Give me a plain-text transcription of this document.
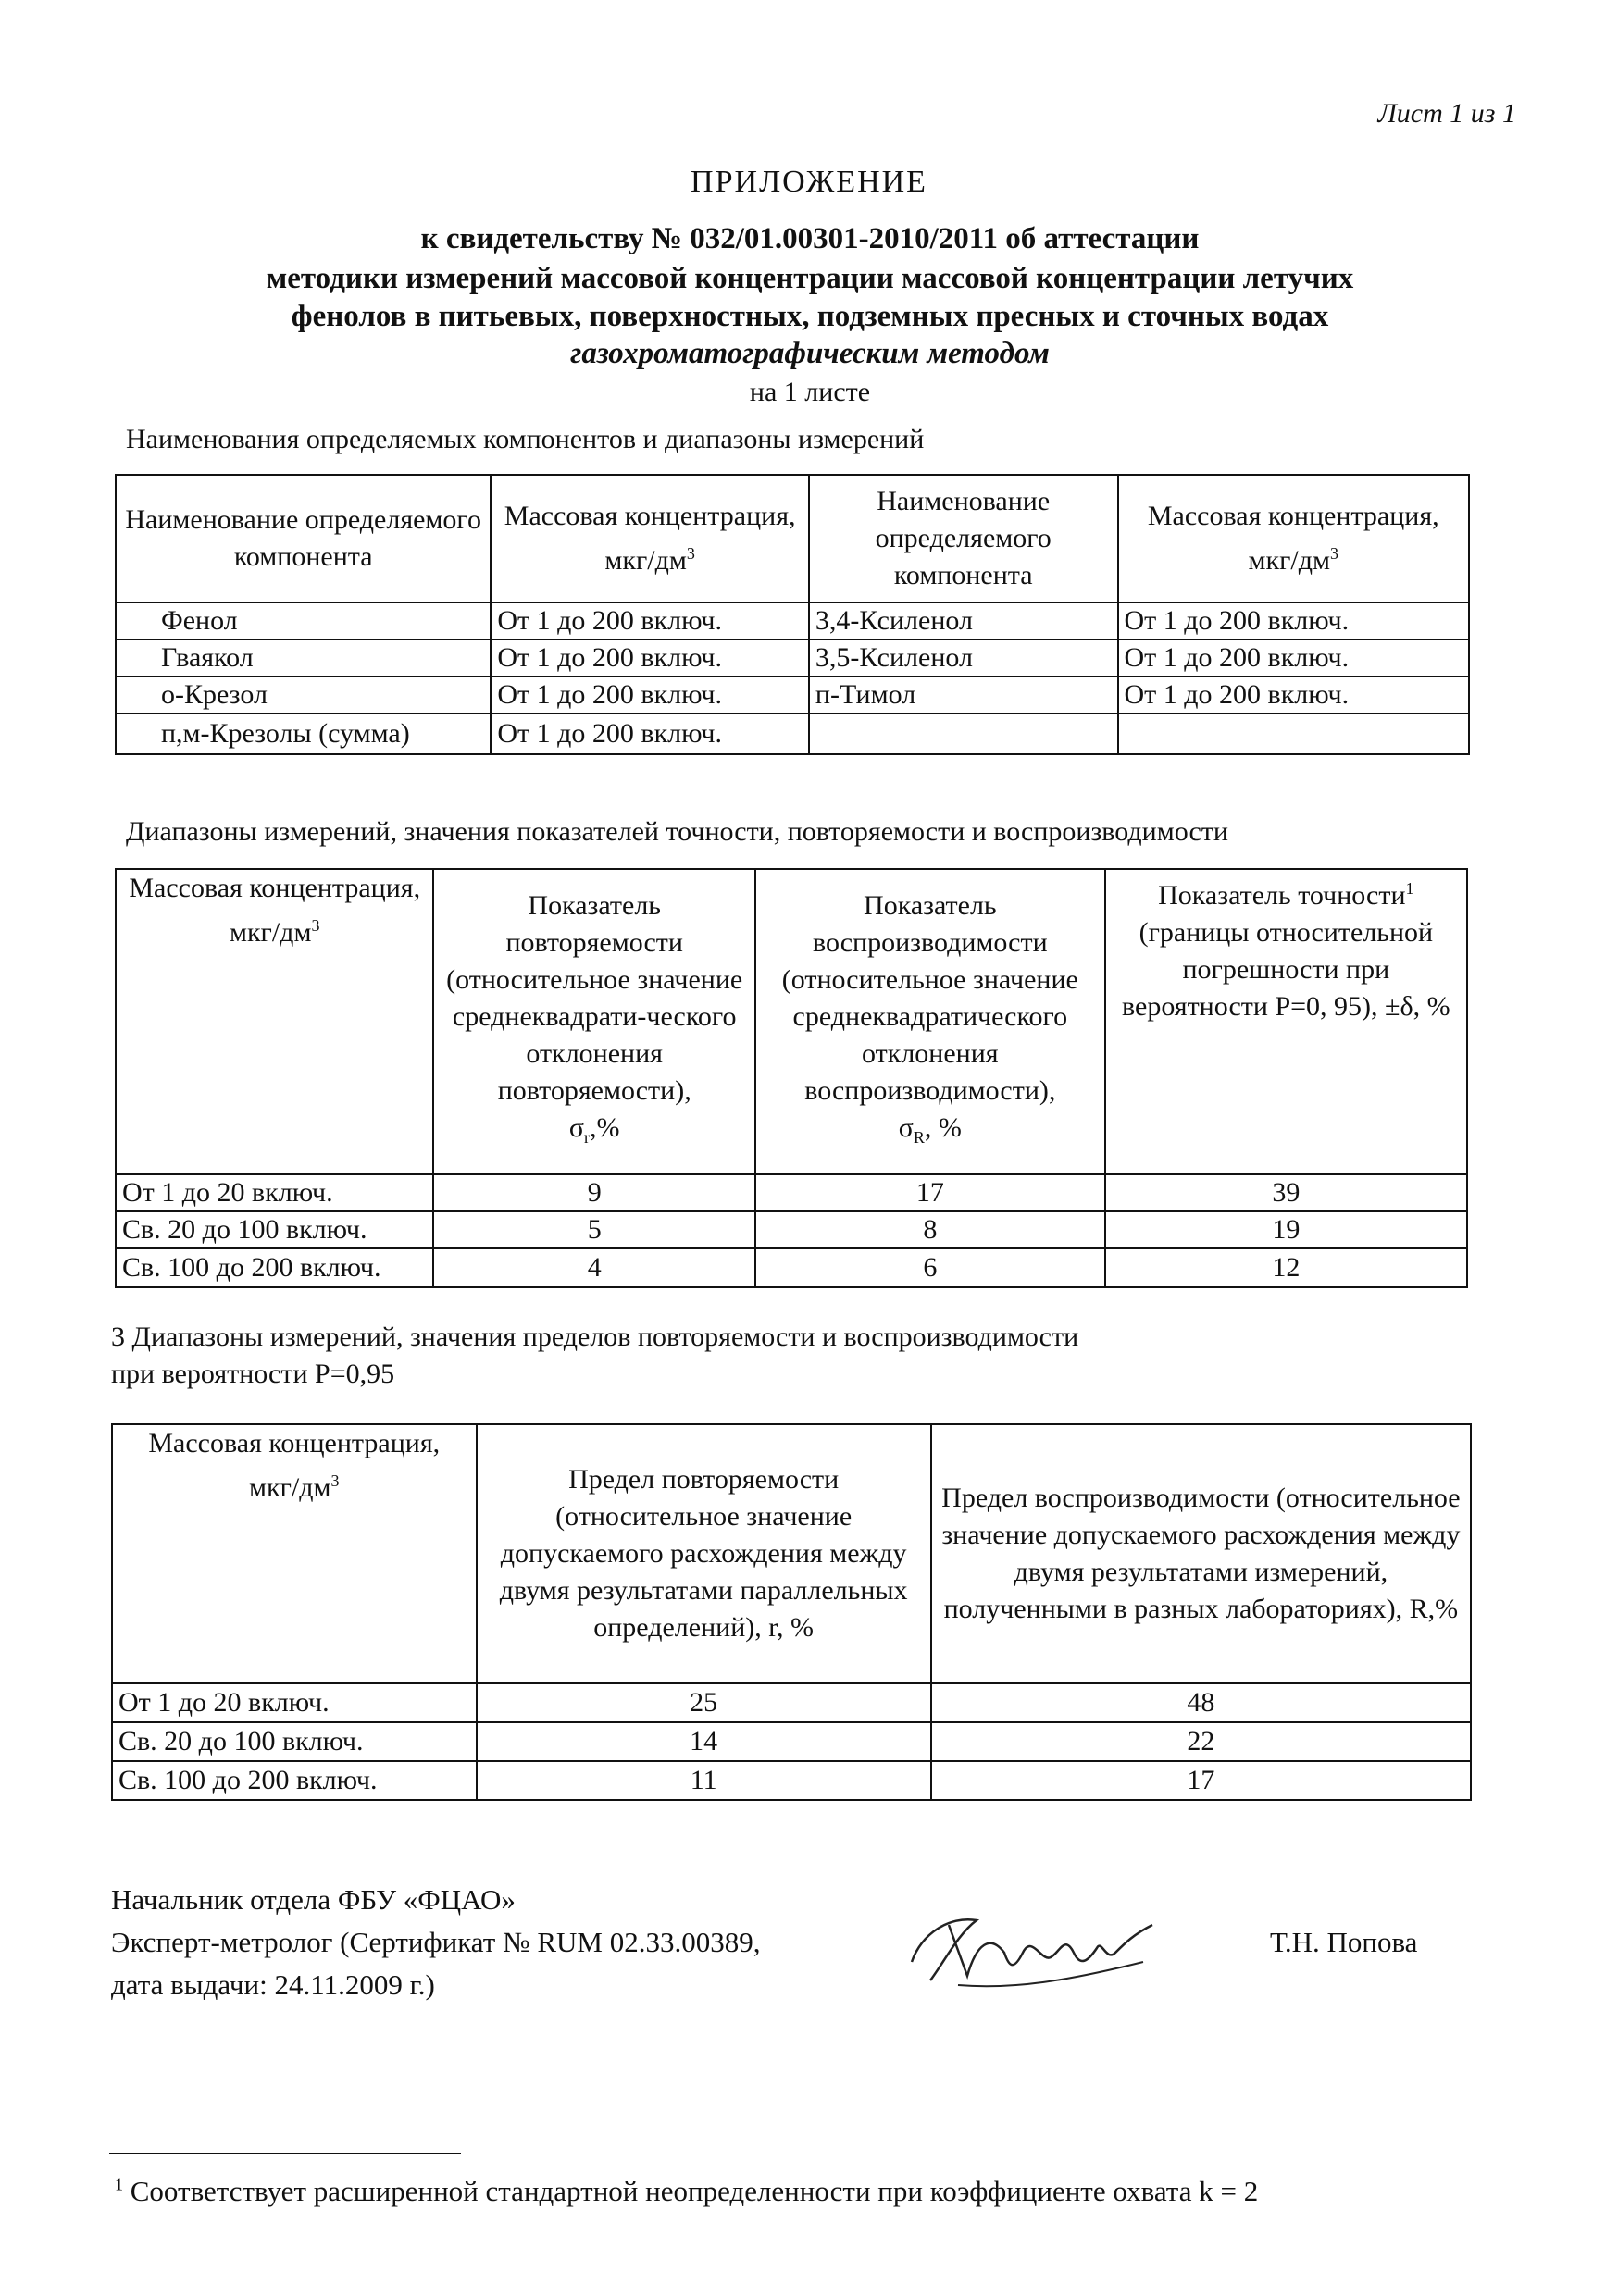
Лист 1 из 1
ПРИЛОЖЕНИЕ
к свидетельству № 032/01.00301-2010/2011 об аттестации
методики измерений массовой концентрации массовой концентрации летучих
фенолов в питьевых, поверхностных, подземных пресных и сточных водах
газохроматографическим методом
на 1 листе
Наименования определяемых компонентов и диапазоны измерений
Наименование определяемого компонента	Массовая концентрация,
мкг/$дм^3$	Наименование определяемого компонента	Массовая концентрация,
мкг/$дм^3$
Фенол	От 1 до 200 включ.	3,4-Ксиленол	От 1 до 200 включ.
Гваякол	От 1 до 200 включ.	3,5-Ксиленол	От 1 до 200 включ.
о-Крезол	От 1 до 200 включ.	п-Тимол	От 1 до 200 включ.
п,м-Крезолы (сумма)	От 1 до 200 включ.		
Диапазоны измерений, значения показателей точности, повторяемости и воспроизводимости
Массовая концентрация,
мкг/$дм^3$	Показатель повторяемости (относительное значение среднеквадрати-ческого отклонения повторяемости),
$\sigma_r,\%$	Показатель воспроизводимости (относительное значение среднеквадратического отклонения воспроизводимости),
$\sigma_R$, %	Показатель точности$^1$ (границы относительной погрешности при вероятности Р=0, 95), ±δ, %
От 1 до 20 включ.	9	17	39
Св. 20 до 100 включ.	5	8	19
Св. 100 до 200 включ.	4	6	12
3 Диапазоны измерений, значения пределов повторяемости и воспроизводимости
при вероятности Р=0,95
Массовая концентрация,
мкг/$дм^3$	Предел повторяемости (относительное значение допускаемого расхождения между двумя результатами параллельных определений), r, %	Предел воспроизводимости (относительное значение допускаемого расхождения между двумя результатами измерений, полученными в разных лабораториях), R,%
От 1 до 20 включ.	25	48
Св. 20 до 100 включ.	14	22
Св. 100 до 200 включ.	11	17
Начальник отдела ФБУ «ФЦАО»
Эксперт-метролог (Сертификат № RUM 02.33.00389,
дата выдачи: 24.11.2009 г.)
Т.Н. Попова
$^1$ Соответствует расширенной стандартной неопределенности при коэффициенте охвата k = 2
